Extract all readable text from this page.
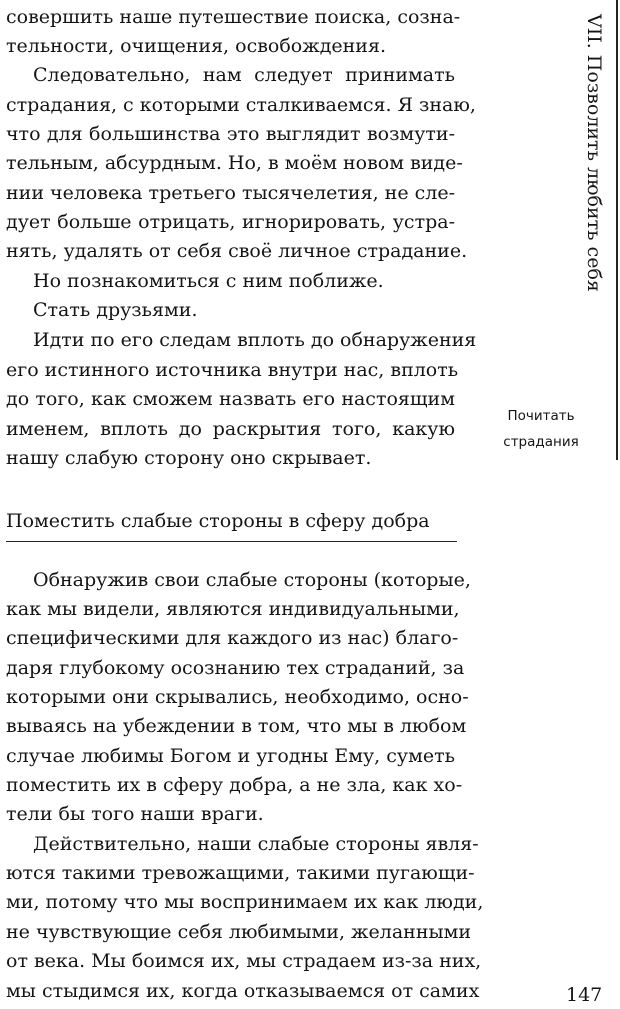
совершить наше путешествие поиска, созна-
тельности, очищения, освобождения.
Следовательно, нам следует принимать
страдания, с которыми сталкиваемся. Я знаю,
что для большинства это выглядит возмути-
тельным, абсурдным. Но, в моём новом виде-
нии человека третьего тысячелетия, не сле-
дует больше отрицать, игнорировать, устра-
нять, удалять от себя своё личное страдание.
Но познакомиться с ним поближе.
Стать друзьями.
Идти по его следам вплоть до обнаружения
его истинного источника внутри нас, вплоть
до того, как сможем назвать его настоящим
именем, вплоть до раскрытия того, какую
нашу слабую сторону оно скрывает.
Поместить слабые стороны в сферу добра
Обнаружив свои слабые стороны (которые,
как мы видели, являются индивидуальными,
специфическими для каждого из нас) благо-
даря глубокому осознанию тех страданий, за
которыми они скрывались, необходимо, осно-
вываясь на убеждении в том, что мы в любом
случае любимы Богом и угодны Ему, суметь
поместить их в сферу добра, а не зла, как хо-
тели бы того наши враги.
Действительно, наши слабые стороны явля-
ются такими тревожащими, такими пугающи-
ми, потому что мы воспринимаем их как люди,
не чувствующие себя любимыми, желанными
от века. Мы боимся их, мы страдаем из-за них,
мы стыдимся их, когда отказываемся от самих
VII. Позволить любить себя
Почитать
страдания
147
